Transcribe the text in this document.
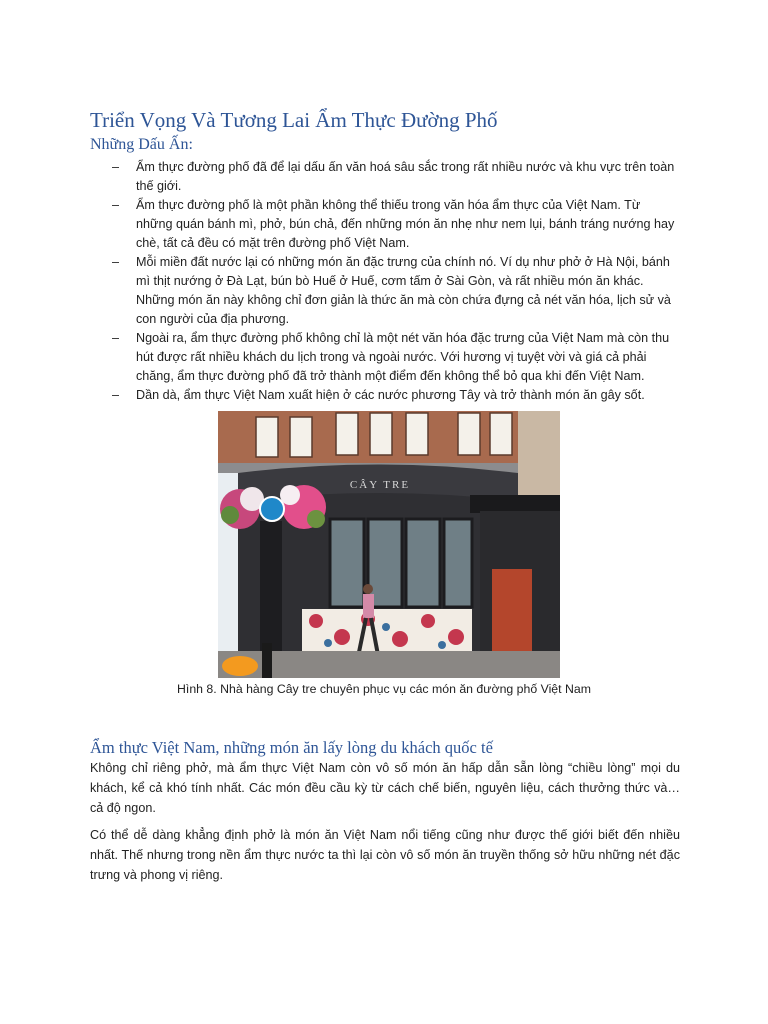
Triển Vọng Và Tương Lai Ẩm Thực Đường Phố
Những Dấu Ấn:
– Ẩm thực đường phố đã để lại dấu ấn văn hoá sâu sắc trong rất nhiều nước và khu vực trên toàn thế giới.
– Ẩm thực đường phố là một phần không thể thiếu trong văn hóa ẩm thực của Việt Nam. Từ những quán bánh mì, phở, bún chả, đến những món ăn nhẹ như nem lụi, bánh tráng nướng hay chè, tất cả đều có mặt trên đường phố Việt Nam.
– Mỗi miền đất nước lại có những món ăn đặc trưng của chính nó. Ví dụ như phở ở Hà Nội, bánh mì thịt nướng ở Đà Lạt, bún bò Huế ở Huế, cơm tấm ở Sài Gòn, và rất nhiều món ăn khác. Những món ăn này không chỉ đơn giản là thức ăn mà còn chứa đựng cả nét văn hóa, lịch sử và con người của địa phương.
– Ngoài ra, ẩm thực đường phố không chỉ là một nét văn hóa đặc trưng của Việt Nam mà còn thu hút được rất nhiều khách du lịch trong và ngoài nước. Với hương vị tuyệt vời và giá cả phải chăng, ẩm thực đường phố đã trở thành một điểm đến không thể bỏ qua khi đến Việt Nam.
– Dần dà, ẩm thực Việt Nam xuất hiện ở các nước phương Tây và trở thành món ăn gây sốt.
CÂY TRE
Hình 8. Nhà hàng Cây tre chuyên phục vụ các món ăn đường phố Việt Nam
Ẩm thực Việt Nam, những món ăn lấy lòng du khách quốc tế

Không chỉ riêng phở, mà ẩm thực Việt Nam còn vô số món ăn hấp dẫn sẵn lòng “chiều lòng” mọi du khách, kể cả khó tính nhất. Các món đều cầu kỳ từ cách chế biến, nguyên liệu, cách thưởng thức và… cả độ ngon.

Có thể dễ dàng khẳng định phở là món ăn Việt Nam nổi tiếng cũng như được thế giới biết đến nhiều nhất. Thế nhưng trong nền ẩm thực nước ta thì lại còn vô số món ăn truyền thống sở hữu những nét đặc trưng và phong vị riêng.
